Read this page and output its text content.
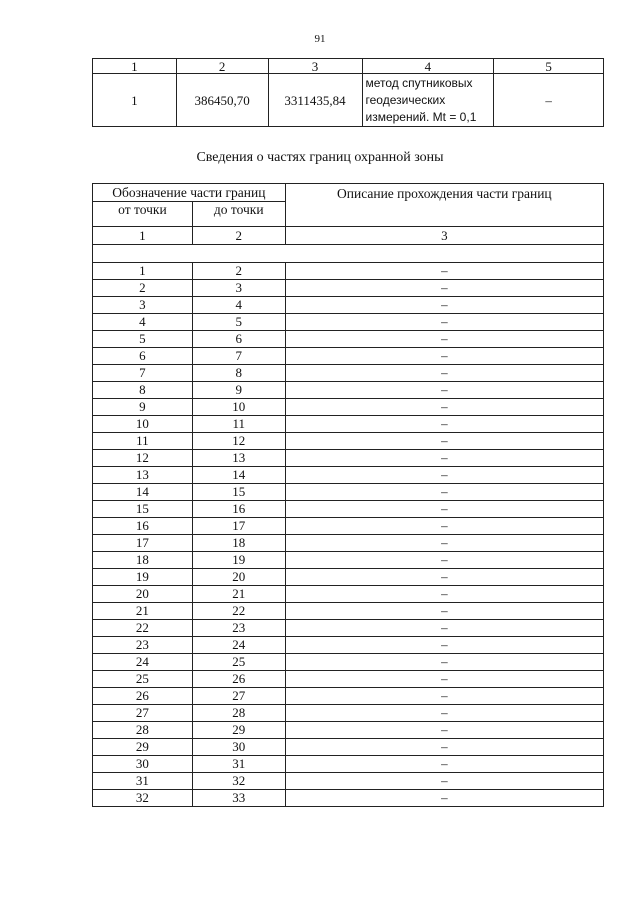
91
1	2	3	4	5
1	386450,70	3311435,84	метод спутниковых
геодезических
измерений. Mt = 0,1	–
Сведения о частях границ охранной зоны
Обозначение части границ		Описание прохождения части границ
от точки	до точки	
1	2	3

1	2	–
2	3	–
3	4	–
4	5	–
5	6	–
6	7	–
7	8	–
8	9	–
9	10	–
10	11	–
11	12	–
12	13	–
13	14	–
14	15	–
15	16	–
16	17	–
17	18	–
18	19	–
19	20	–
20	21	–
21	22	–
22	23	–
23	24	–
24	25	–
25	26	–
26	27	–
27	28	–
28	29	–
29	30	–
30	31	–
31	32	–
32	33	–
